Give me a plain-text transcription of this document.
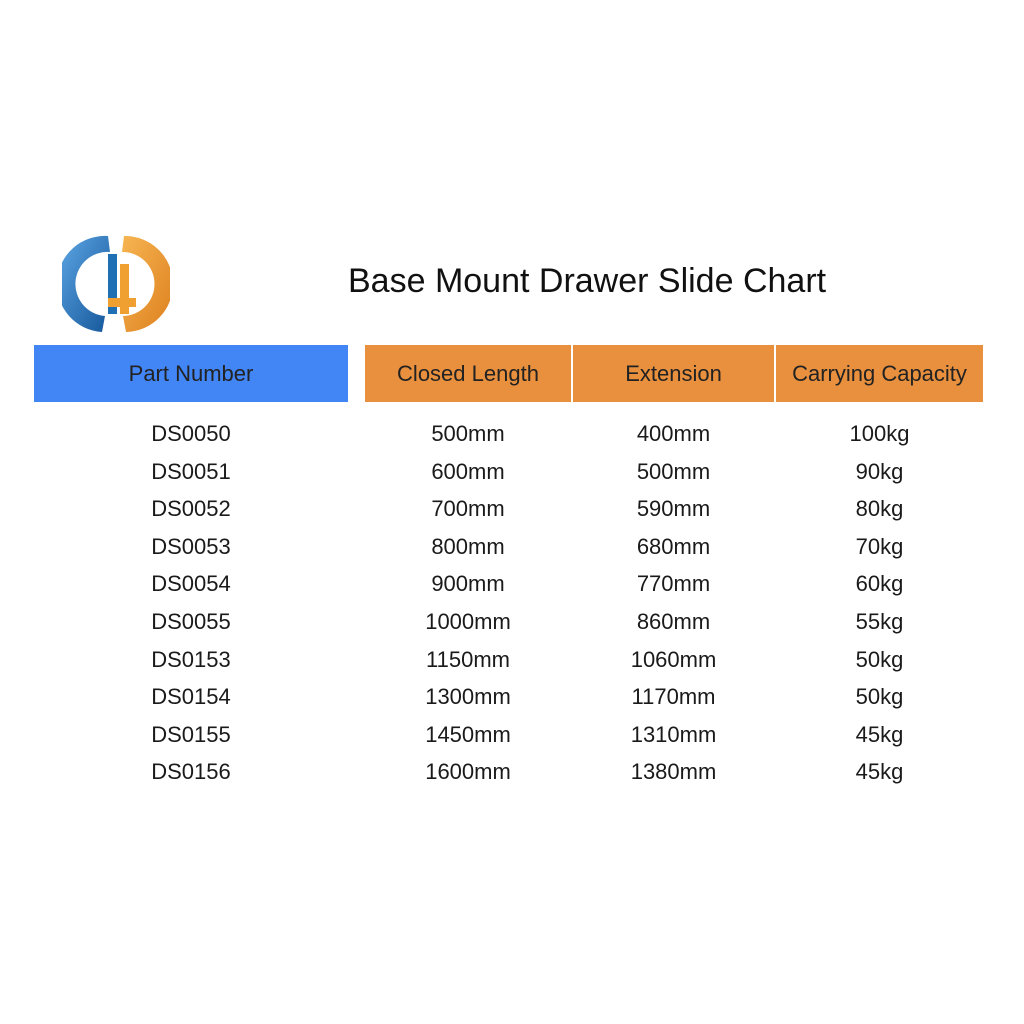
Base Mount Drawer Slide Chart
Part Number	Closed Length	Extension	Carrying Capacity
DS0050	500mm	400mm	100kg
DS0051	600mm	500mm	90kg
DS0052	700mm	590mm	80kg
DS0053	800mm	680mm	70kg
DS0054	900mm	770mm	60kg
DS0055	1000mm	860mm	55kg
DS0153	1150mm	1060mm	50kg
DS0154	1300mm	1170mm	50kg
DS0155	1450mm	1310mm	45kg
DS0156	1600mm	1380mm	45kg
